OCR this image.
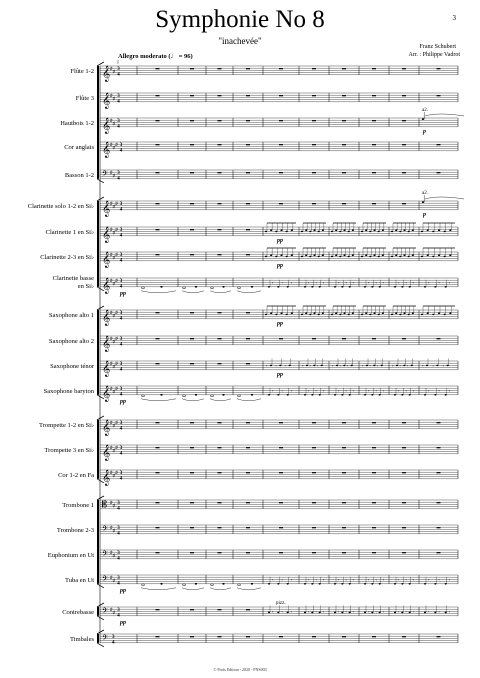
3
Symphonie No 8
"inachevée"
Franz Schubert
Arr. : Philippe Vadrot
Allegro moderato (♩ = 96)
© Profs Edition - 2020 - PNS003
Flûte 1-2 𝄞 ♯
♯
3
4
Flûte 3 𝄞 ♯
♯
3
4
Hautbois 1-2 𝄞 ♯
♯
3
4
a2.
p
Cor anglais 𝄞 ♯
♯
♯ 3
4
Basson 1-2 𝄢 ♯
♯
3
4
Clarinette solo 1-2 en Si♭ 𝄞 ♯
♯
♯ 3
4
a2.
p
Clarinette 1 en Si♭ 𝄞 ♯
♯
♯ 3
4
pp
Clarinette 2-3 en Si♭ 𝄞 ♯
♯
♯ 3
4
pp
Clarinette basse
en Si♭ 𝄞 ♯
♯
♯ 3
4
𝄾 𝄾 𝄾	𝄾 𝄾 𝄾	𝄾 𝄾 𝄾	𝄾 𝄾 𝄾	𝄾 𝄾 𝄾	𝄾 𝄾 𝄾
pp
Saxophone alto 1 𝄞 ♯
♯
♯ 3
4
pp
Saxophone alto 2 𝄞 ♯
♯
♯ 3
4
Saxophone ténor 𝄞 ♯
♯
♯ 3
4
𝄾 𝄾 𝄾	𝄾 𝄾 𝄾	𝄾 𝄾 𝄾	𝄾 𝄾 𝄾	𝄾 𝄾 𝄾	𝄾 𝄾 𝄾
pp
Saxophone baryton 𝄞 ♯
♯
♯ 3
4
𝄾 𝄾 𝄾	𝄾 𝄾 𝄾	𝄾 𝄾 𝄾	𝄾 𝄾 𝄾	𝄾 𝄾 𝄾	𝄾 𝄾 𝄾
pp
Trompette 1-2 en Si♭ 𝄞 ♯
♯
♯ 3
4
Trompette 3 en Si♭ 𝄞 ♯
♯
♯ 3
4
Cor 1-2 en Fa 𝄞 ♯
♯
♯ 3
4
Trombone 1 𝄡 ♯
♯
3
4
Trombone 2-3 𝄢 ♯
♯
3
4
Euphonium en Ut 𝄢 ♯
♯
3
4
Tuba en Ut 𝄢 ♯
♯
3
4
𝄾 𝄾 𝄾	𝄾 𝄾 𝄾	𝄾 𝄾 𝄾	𝄾 𝄾 𝄾	𝄾 𝄾 𝄾	𝄾 𝄾 𝄾
pp
Contrebasse 𝄢 ♯
♯
3
4
𝄾 𝄾 𝄾	𝄾 𝄾 𝄾	𝄾 𝄾 𝄾	𝄾 𝄾 𝄾	𝄾 𝄾 𝄾	𝄾 𝄾 𝄾
pizz.
pp
Timbales 𝄢 3
4
